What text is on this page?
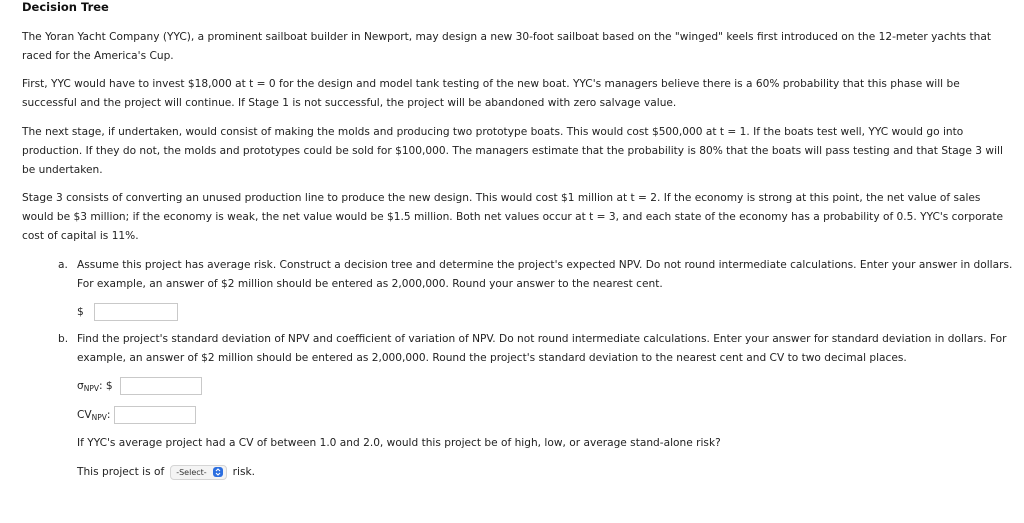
Decision Tree

The Yoran Yacht Company (YYC), a prominent sailboat builder in Newport, may design a new 30-foot sailboat based on the "winged" keels first introduced on the 12-meter yachts that raced for the America's Cup.

First, YYC would have to invest $18,000 at t = 0 for the design and model tank testing of the new boat. YYC's managers believe there is a 60% probability that this phase will be successful and the project will continue. If Stage 1 is not successful, the project will be abandoned with zero salvage value.

The next stage, if undertaken, would consist of making the molds and producing two prototype boats. This would cost $500,000 at t = 1. If the boats test well, YYC would go into production. If they do not, the molds and prototypes could be sold for $100,000. The managers estimate that the probability is 80% that the boats will pass testing and that Stage 3 will be undertaken.

Stage 3 consists of converting an unused production line to produce the new design. This would cost $1 million at t = 2. If the economy is strong at this point, the net value of sales would be $3 million; if the economy is weak, the net value would be $1.5 million. Both net values occur at t = 3, and each state of the economy has a probability of 0.5. YYC's corporate cost of capital is 11%.

a. Assume this project has average risk. Construct a decision tree and determine the project's expected NPV. Do not round intermediate calculations. Enter your answer in dollars. For example, an answer of $2 million should be entered as 2,000,000. Round your answer to the nearest cent.
$
b. Find the project's standard deviation of NPV and coefficient of variation of NPV. Do not round intermediate calculations. Enter your answer for standard deviation in dollars. For example, an answer of $2 million should be entered as 2,000,000. Round the project's standard deviation to the nearest cent and CV to two decimal places.
$\sigma_{NPV}$: $
$CV_{NPV}$:
If YYC's average project had a CV of between 1.0 and 2.0, would this project be of high, low, or average stand-alone risk?
This project is of -Select- risk.
